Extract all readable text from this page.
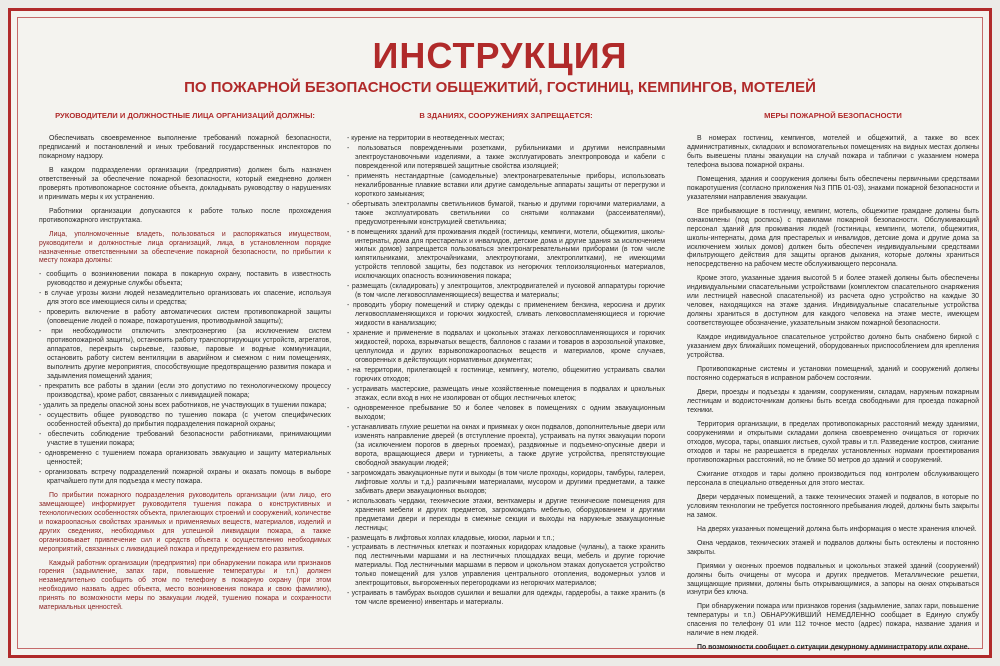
ИНСТРУКЦИЯ
ПО ПОЖАРНОЙ БЕЗОПАСНОСТИ ОБЩЕЖИТИЙ, ГОСТИНИЦ, КЕМПИНГОВ, МОТЕЛЕЙ
РУКОВОДИТЕЛИ И ДОЛЖНОСТНЫЕ ЛИЦА ОРГАНИЗАЦИЙ ДОЛЖНЫ:

Обеспечивать своевременное выполнение требований пожарной безопасности, предписаний и постановлений и иных требований государственных инспекторов по пожарному надзору.

В каждом подразделении организации (предприятия) должен быть назначен ответственный за обеспечение пожарной безопасности, который ежедневно должен проверять противопожарное состояние объекта, докладывать руководству о нарушениях и принимать меры к их устранению.

Работники организации допускаются к работе только после прохождения противопожарного инструктажа.

Лица, уполномоченные владеть, пользоваться и распоряжаться имуществом, руководители и должностные лица организаций, лица, в установленном порядке назначенные ответственными за обеспечение пожарной безопасности, по прибытии к месту пожара должны:

- сообщить о возникновении пожара в пожарную охрану, поставить в известность руководство и дежурные службы объекта;
- в случае угрозы жизни людей незамедлительно организовать их спасение, используя для этого все имеющиеся силы и средства;
- проверить включение в работу автоматических систем противопожарной защиты (оповещение людей о пожаре, пожаротушения, противодымной защиты);
- при необходимости отключить электроэнергию (за исключением систем противопожарной защиты), остановить работу транспортирующих устройств, агрегатов, аппаратов, перекрыть сырьевые, газовые, паровые и водные коммуникации, остановить работу систем вентиляции в аварийном и смежном с ним помещениях, выполнить другие мероприятия, способствующие предотвращению развития пожара и задымления помещений здания;
- прекратить все работы в здании (если это допустимо по технологическому процессу производства), кроме работ, связанных с ликвидацией пожара;
- удалить за пределы опасной зоны всех работников, не участвующих в тушении пожара;
- осуществить общее руководство по тушению пожара (с учетом специфических особенностей объекта) до прибытия подразделения пожарной охраны;
- обеспечить соблюдение требований безопасности работниками, принимающими участие в тушении пожара;
- одновременно с тушением пожара организовать эвакуацию и защиту материальных ценностей;
- организовать встречу подразделений пожарной охраны и оказать помощь в выборе кратчайшего пути для подъезда к месту пожара.

По прибытии пожарного подразделения руководитель организации (или лицо, его замещающее) информирует руководителя тушения пожара о конструктивных и технологических особенностях объекта, прилегающих строений и сооружений, количестве и пожароопасных свойствах хранимых и применяемых веществ, материалов, изделий и других сведениях, необходимых для успешной ликвидации пожара, а также организовывает привлечение сил и средств объекта к осуществлению необходимых мероприятий, связанных с ликвидацией пожара и предупреждением его развития.

Каждый работник организации (предприятия) при обнаружении пожара или признаков горения (задымление, запах гари, повышение температуры и т.п.) должен незамедлительно сообщить об этом по телефону в пожарную охрану (при этом необходимо назвать адрес объекта, место возникновения пожара и свою фамилию), принять по возможности меры по эвакуации людей, тушению пожара и сохранности материальных ценностей.

В ЗДАНИЯХ, СООРУЖЕНИЯХ ЗАПРЕЩАЕТСЯ:
- курение на территории в неотведенных местах;
- пользоваться поврежденными розетками, рубильниками и другими неисправными электроустановочными изделиями, а также эксплуатировать электропровода и кабели с поврежденной или потерявшей защитные свойства изоляцией;
- применять нестандартные (самодельные) электронагревательные приборы, использовать некалиброванные плавкие вставки или другие самодельные аппараты защиты от перегрузки и короткого замыкания;
- обертывать электролампы светильников бумагой, тканью и другими горючими материалами, а также эксплуатировать светильники со снятыми колпаками (рассеивателями), предусмотренными конструкцией светильника;
- в помещениях зданий для проживания людей (гостиницы, кемпинги, мотели, общежития, школы-интернаты, дома для престарелых и инвалидов, детские дома и другие здания за исключением жилых домов) запрещается пользоваться электронагревательными приборами (в том числе кипятильниками, электрочайниками, электроутюгами, электроплитками), не имеющими устройств тепловой защиты, без подставок из негорючих теплоизоляционных материалов, исключающих опасность возникновения пожара;
- размещать (складировать) у электрощитов, электродвигателей и пусковой аппаратуры горючие (в том числе легковоспламеняющиеся) вещества и материалы;
- проводить уборку помещений и стирку одежды с применением бензина, керосина и других легковоспламеняющихся и горючих жидкостей, сливать легковоспламеняющиеся и горючие жидкости в канализацию;
- хранение и применение в подвалах и цокольных этажах легковоспламеняющихся и горючих жидкостей, пороха, взрывчатых веществ, баллонов с газами и товаров в аэрозольной упаковке, целлулоида и других взрывопожароопасных веществ и материалов, кроме случаев, оговоренных в действующих нормативных документах;
- на территории, прилегающей к гостинице, кемпингу, мотелю, общежитию устраивать свалки горючих отходов;
- устраивать мастерские, размещать иные хозяйственные помещения в подвалах и цокольных этажах, если вход в них не изолирован от общих лестничных клеток;
- одновременное пребывание 50 и более человек в помещениях с одним эвакуационным выходом;
- устанавливать глухие решетки на окнах и приямках у окон подвалов, дополнительные двери или изменять направление дверей (в отступление проекта), устраивать на путях эвакуации пороги (за исключением порогов в дверных проемах), раздвижные и подъемно-опускные двери и ворота, вращающиеся двери и турникеты, а также другие устройства, препятствующие свободной эвакуации людей;
- загромождать эвакуационные пути и выходы (в том числе проходы, коридоры, тамбуры, галереи, лифтовые холлы и т.д.) различными материалами, мусором и другими предметами, а также забивать двери эвакуационных выходов;
- использовать чердаки, технические этажи, венткамеры и другие технические помещения для хранения мебели и других предметов, загромождать мебелью, оборудованием и другими предметами двери и переходы в смежные секции и выходы на наружные эвакуационные лестницы;
- размещать в лифтовых холлах кладовые, киоски, ларьки и т.п.;
- устраивать в лестничных клетках и поэтажных коридорах кладовые (чуланы), а также хранить под лестничными маршами и на лестничных площадках вещи, мебель и другие горючие материалы. Под лестничными маршами в первом и цокольном этажах допускается устройство только помещений для узлов управления центрального отопления, водомерных узлов и электрощитовых, выгороженных перегородками из негорючих материалов;
- устраивать в тамбурах выходов сушилки и вешалки для одежды, гардеробы, а также хранить (в том числе временно) инвентарь и материалы.
МЕРЫ ПОЖАРНОЙ БЕЗОПАСНОСТИ

В номерах гостиниц, кемпингов, мотелей и общежитий, а также во всех административных, складских и вспомогательных помещениях на видных местах должны быть вывешены планы эвакуации на случай пожара и таблички с указанием номера телефона вызова пожарной охраны.

Помещения, здания и сооружения должны быть обеспечены первичными средствами пожаротушения (согласно приложения №3 ППБ 01-03), знаками пожарной безопасности и указателями направления эвакуации.

Все прибывающие в гостиницу, кемпинг, мотель, общежитие граждане должны быть ознакомлены (под роспись) с правилами пожарной безопасности. Обслуживающий персонал зданий для проживания людей (гостиницы, кемпинги, мотели, общежития, школы-интернаты, дома для престарелых и инвалидов, детские дома и другие дома за исключением жилых домов) должен быть обеспечен индивидуальными средствами фильтрующего действия для защиты органов дыхания, которые должны храниться непосредственно на рабочем месте обслуживающего персонала.

Кроме этого, указанные здания высотой 5 и более этажей должны быть обеспечены индивидуальными спасательными устройствами (комплектом спасательного снаряжения или лестницей навесной спасательной) из расчета одно устройство на каждые 30 человек, находящихся на этаже здания. Индивидуальные спасательные устройства должны храниться в доступном для каждого человека на этаже месте, имеющем соответствующее обозначение, указательным знаком пожарной безопасности.

Каждое индивидуальное спасательное устройство должно быть снабжено биркой с указанием двух ближайших помещений, оборудованных приспособлением для крепления устройства.

Противопожарные системы и установки помещений, зданий и сооружений должны постоянно содержаться в исправном рабочем состоянии.

Двери, проезды и подъезды к зданиям, сооружениям, складам, наружным пожарным лестницам и водоисточникам должны быть всегда свободными для проезда пожарной техники.

Территория организации, в пределах противопожарных расстояний между зданиями, сооружениями и открытыми складами должна своевременно очищаться от горючих отходов, мусора, тары, опавших листьев, сухой травы и т.п. Разведение костров, сжигание отходов и тары не разрешается в пределах установленных нормами проектирования противопожарных расстояний, но не ближе 50 метров до зданий и сооружений.

Сжигание отходов и тары должно производиться под контролем обслуживающего персонала в специально отведенных для этого местах.

Двери чердачных помещений, а также технических этажей и подвалов, в которые по условиям технологии не требуется постоянного пребывания людей, должны быть закрыты на замок.

На дверях указанных помещений должна быть информация о месте хранения ключей.

Окна чердаков, технических этажей и подвалов должны быть остеклены и постоянно закрыты.

Приямки у оконных проемов подвальных и цокольных этажей зданий (сооружений) должны быть очищены от мусора и других предметов. Металлические решетки, защищающие приямки, должны быть открывающимися, а запоры на окнах открываться изнутри без ключа.

При обнаружении пожара или признаков горения (задымление, запах гари, повышение температуры и т.п.) ОБНАРУЖИВШИЙ НЕМЕДЛЕННО сообщает в Единую службу спасения по телефону 01 или 112 точное место (адрес) пожара, название здания и наличие в нем людей.

По возможности сообщает о ситуации дежурному администратору или охране.
